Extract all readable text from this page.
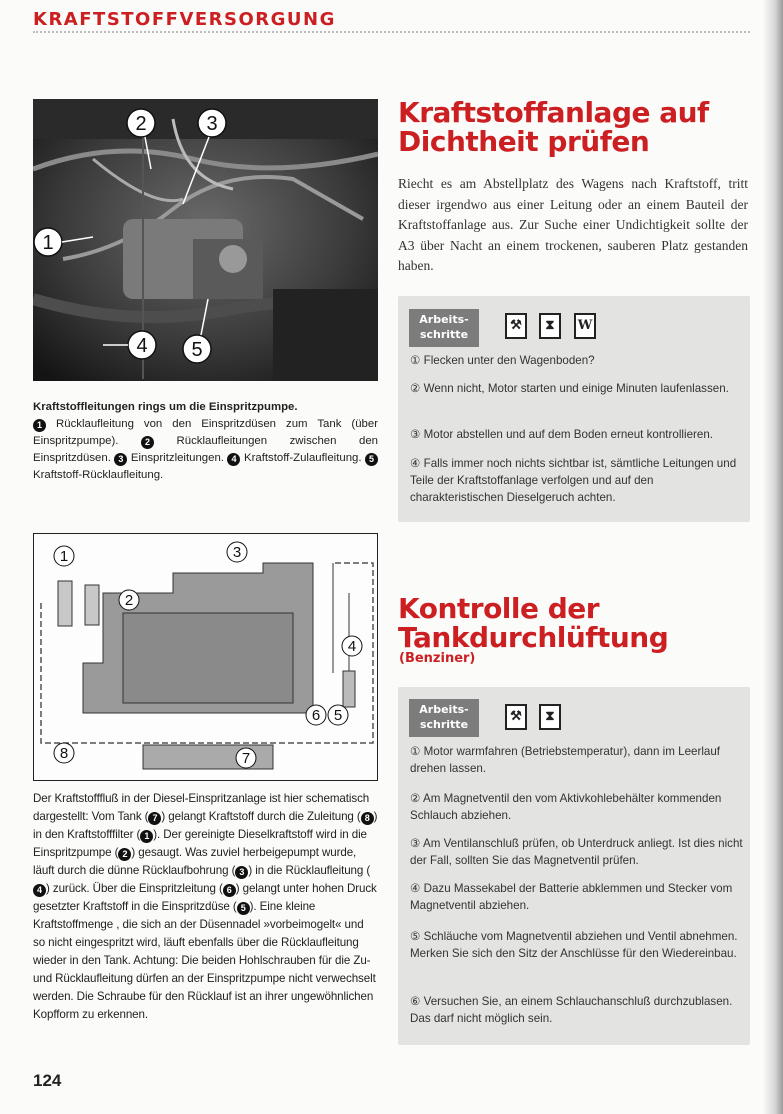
KRAFTSTOFFVERSORGUNG
2	3
1
4 5
Kraftstoffleitungen rings um die Einspritzpumpe.
1 Rücklaufleitung von den Einspritzdüsen zum Tank (über Einspritzpumpe).	2 Rücklaufleitungen zwischen den Einspritzdüsen. 3 Einspritzleitungen. 4 Kraftstoff-Zulaufleitung. 5 Kraftstoff-Rücklaufleitung.
1
2
3
4
6 5
7
8
Der Kraftstofffluß in der Diesel-Einspritzanlage ist hier schematisch dargestellt: Vom Tank ( 7 ) gelangt Kraftstoff durch die Zuleitung ( 8 ) in den Kraftstofffilter ( 1 ). Der gereinigte Dieselkraftstoff wird in die Einspritzpumpe ( 2 ) gesaugt. Was zuviel herbeigepumpt wurde, läuft durch die dünne Rücklaufbohrung ( 3 ) in die Rücklaufleitung (4 ) zurück. Über die Einspritzleitung ( 6 ) gelangt unter hohen Druck gesetzter Kraftstoff in die Einspritzdüse ( 5 ). Eine kleine Kraftstoffmenge , die sich an der Düsennadel »vorbeimogelt« und so nicht eingespritzt wird, läuft ebenfalls über die Rücklaufleitung wieder in den Tank. Achtung: Die beiden Hohlschrauben für die Zu- und Rücklaufleitung dürfen an der Einspritzpumpe nicht verwechselt werden. Die Schraube für den Rücklauf ist an ihrer ungewöhnlichen Kopfform zu erkennen.
124
Kraftstoffanlage auf
Dichtheit prüfen
Riecht es am Abstellplatz des Wagens nach Kraftstoff, tritt dieser irgendwo aus einer Leitung oder an einem Bauteil der Kraftstoffanlage aus. Zur Suche einer Undichtigkeit sollte der A3 über Nacht an einem trockenen, sauberen Platz gestanden haben.
Arbeits-
schritte
⚒	⧗	W
① Flecken unter den Wagenboden?
② Wenn nicht, Motor starten und einige Minuten laufenlassen.
③ Motor abstellen und auf dem Boden erneut kontrollieren.
④ Falls immer noch nichts sichtbar ist, sämtliche Leitungen und Teile der Kraftstoffanlage verfolgen und auf den charakteristischen Dieselgeruch achten.
Kontrolle der
Tankdurchlüftung
(Benziner)
Arbeits-
schritte
⚒	⧗
① Motor warmfahren (Betriebstemperatur), dann im Leerlauf drehen lassen.
② Am Magnetventil den vom Aktivkohlebehälter kommenden Schlauch abziehen.
③ Am Ventilanschluß prüfen, ob Unterdruck anliegt. Ist dies nicht der Fall, sollten Sie das Magnetventil prüfen.
④ Dazu Massekabel der Batterie abklemmen und Stecker vom Magnetventil abziehen.
⑤ Schläuche vom Magnetventil abziehen und Ventil abnehmen. Merken Sie sich den Sitz der Anschlüsse für den Wiedereinbau.
⑥ Versuchen Sie, an einem Schlauchanschluß durchzublasen. Das darf nicht möglich sein.
